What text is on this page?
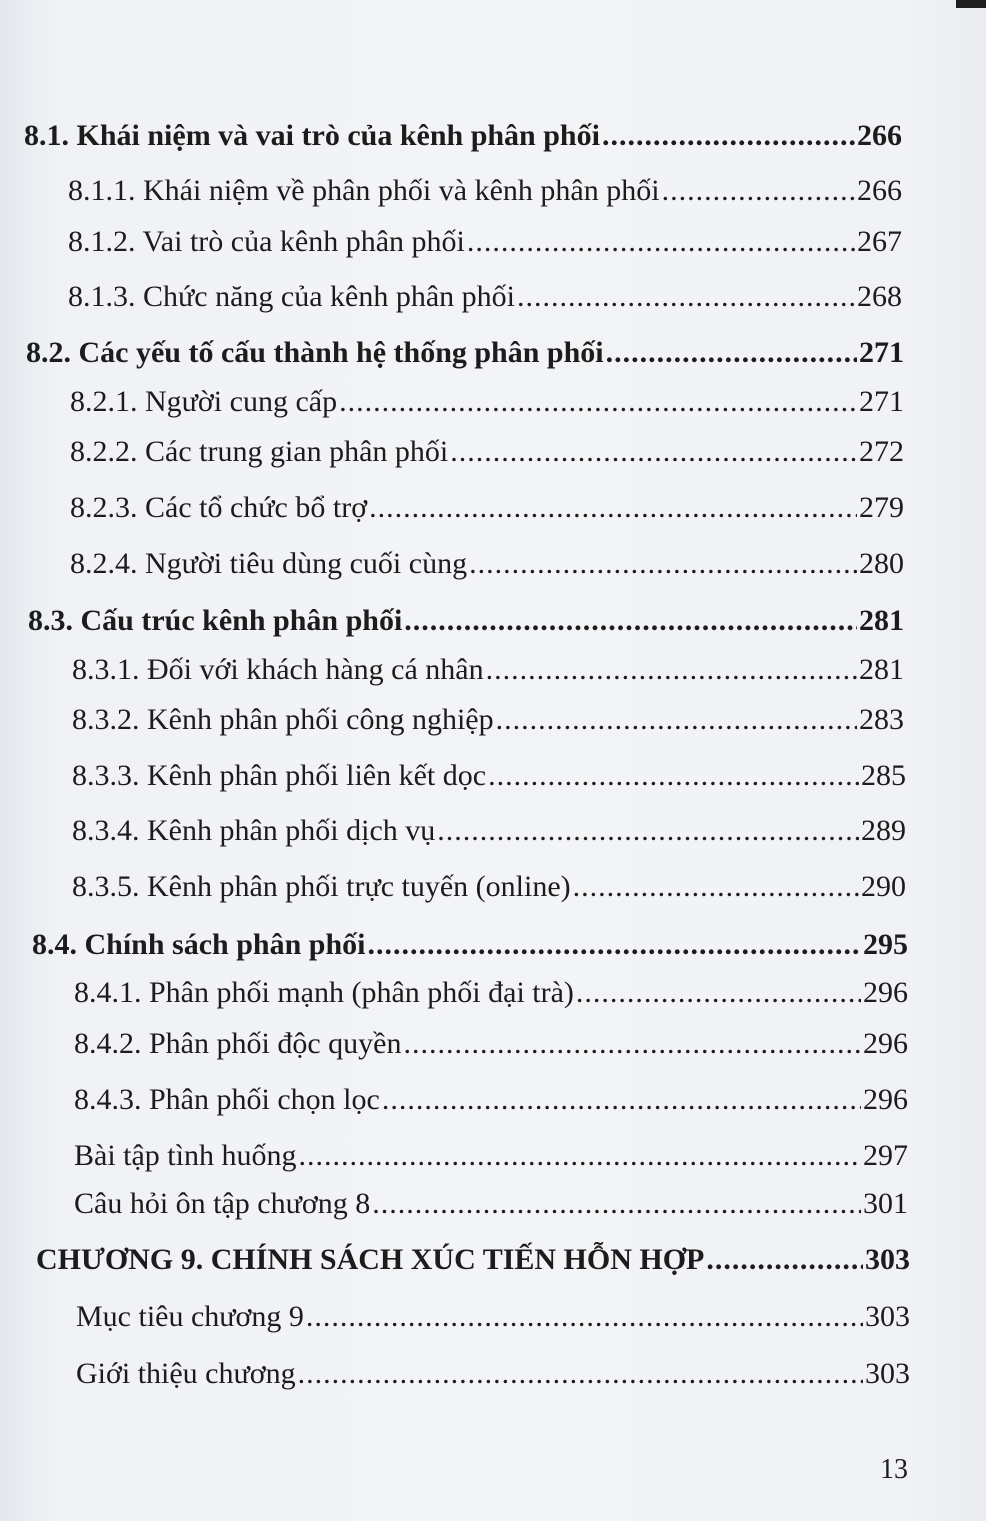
8.1. Khái niệm và vai trò của kênh phân phối .....	266
8.1.1. Khái niệm về phân phối và kênh phân phối .....	266
8.1.2. Vai trò của kênh phân phối .....	267
8.1.3. Chức năng của kênh phân phối .....	268
8.2. Các yếu tố cấu thành hệ thống phân phối .....	271
8.2.1. Người cung cấp .....	271
8.2.2. Các trung gian phân phối .....	272
8.2.3. Các tổ chức bổ trợ .....	279
8.2.4. Người tiêu dùng cuối cùng .....	280
8.3. Cấu trúc kênh phân phối .....	281
8.3.1. Đối với khách hàng cá nhân .....	281
8.3.2. Kênh phân phối công nghiệp .....	283
8.3.3. Kênh phân phối liên kết dọc .....	285
8.3.4. Kênh phân phối dịch vụ .....	289
8.3.5. Kênh phân phối trực tuyến (online) .....	290
8.4. Chính sách phân phối .....	295
8.4.1. Phân phối mạnh (phân phối đại trà) .....	296
8.4.2. Phân phối độc quyền .....	296
8.4.3. Phân phối chọn lọc .....	296
Bài tập tình huống .....	297
Câu hỏi ôn tập chương 8 .....	301
CHƯƠNG 9. CHÍNH SÁCH XÚC TIẾN HỖN HỢP .....	303
Mục tiêu chương 9 .....	303
Giới thiệu chương .....	303
13
